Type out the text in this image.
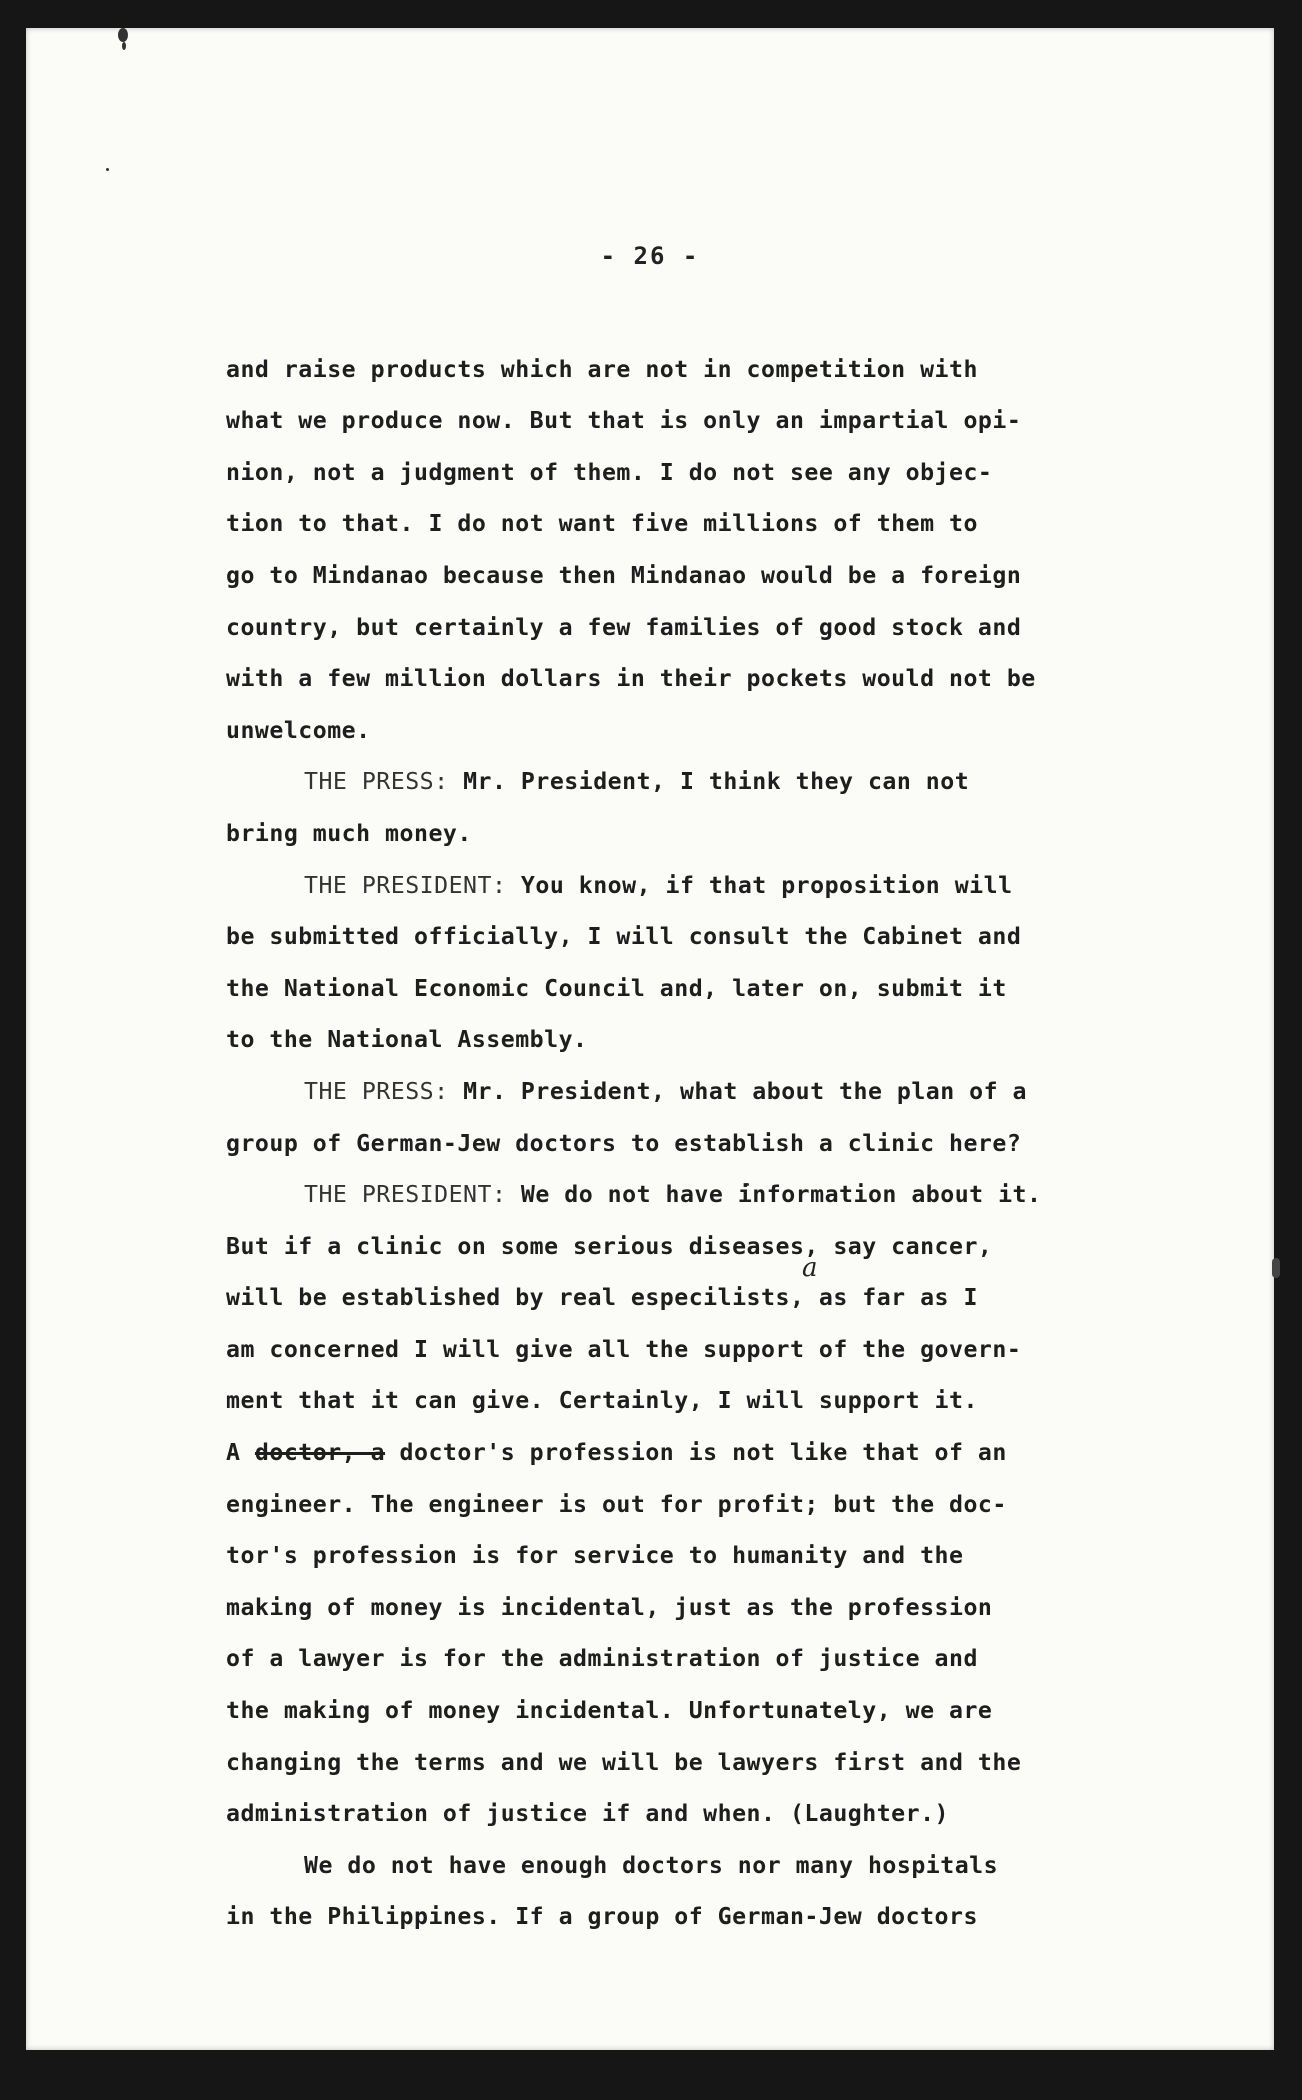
- 26 -
a

and raise products which are not in competition with
what we produce now. But that is only an impartial opi-
nion, not a judgment of them. I do not see any objec-
tion to that. I do not want five millions of them to
go to Mindanao because then Mindanao would be a foreign
country, but certainly a few families of good stock and
with a few million dollars in their pockets would not be
unwelcome.

THE PRESS: Mr. President, I think they can not
bring much money.

THE PRESIDENT: You know, if that proposition will
be submitted officially, I will consult the Cabinet and
the National Economic Council and, later on, submit it
to the National Assembly.

THE PRESS: Mr. President, what about the plan of a
group of German-Jew doctors to establish a clinic here?

THE PRESIDENT: We do not have information about it.
But if a clinic on some serious diseases, say cancer,
will be established by real especilists, as far as I
am concerned I will give all the support of the govern-
ment that it can give. Certainly, I will support it.
A doctor, a doctor's profession is not like that of an
engineer. The engineer is out for profit; but the doc-
tor's profession is for service to humanity and the
making of money is incidental, just as the profession
of a lawyer is for the administration of justice and
the making of money incidental. Unfortunately, we are
changing the terms and we will be lawyers first and the
administration of justice if and when. (Laughter.)

We do not have enough doctors nor many hospitals
in the Philippines. If a group of German-Jew doctors
